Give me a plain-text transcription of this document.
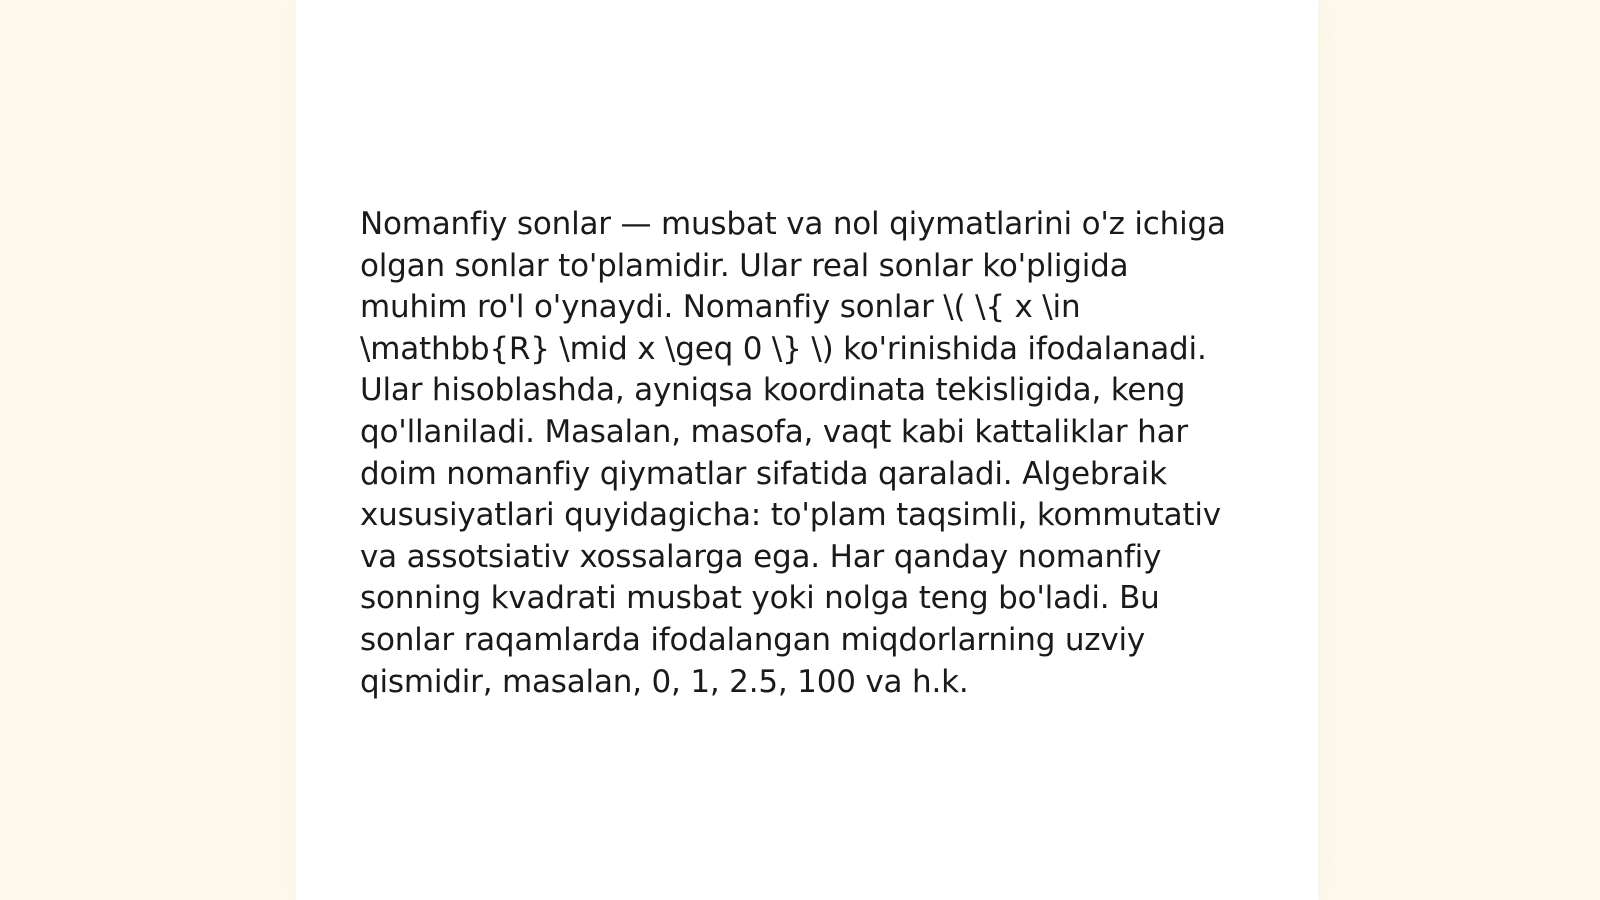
Nomanfiy sonlar — musbat va nol qiymatlarini o'z ichiga olgan sonlar to'plamidir. Ular real sonlar ko'pligida muhim ro'l o'ynaydi. Nomanfiy sonlar \( \{ x \in \mathbb{R} \mid x \geq 0 \} \) ko'rinishida ifodalanadi. Ular hisoblashda, ayniqsa koordinata tekisligida, keng qo'llaniladi. Masalan, masofa, vaqt kabi kattaliklar har doim nomanfiy qiymatlar sifatida qaraladi. Algebraik xususiyatlari quyidagicha: to'plam taqsimli, kommutativ va assotsiativ xossalarga ega. Har qanday nomanfiy sonning kvadrati musbat yoki nolga teng bo'ladi. Bu sonlar raqamlarda ifodalangan miqdorlarning uzviy qismidir, masalan, 0, 1, 2.5, 100 va h.k.
